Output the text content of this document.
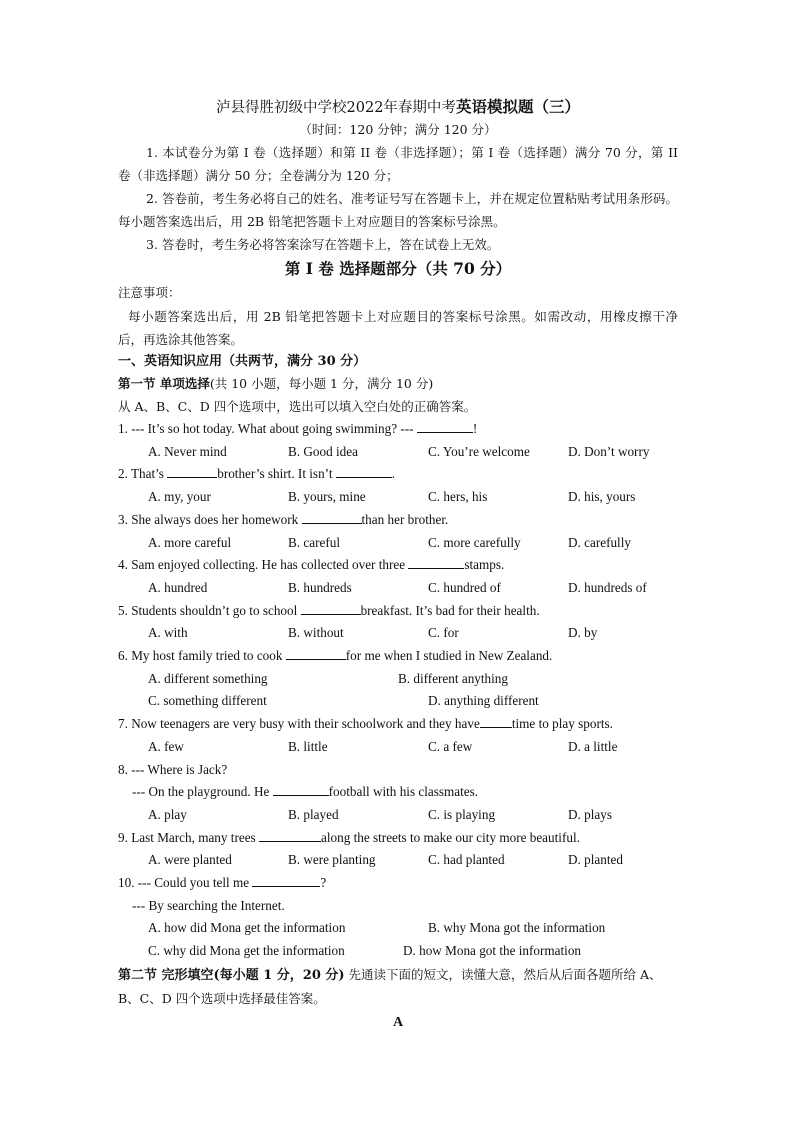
泸县得胜初级中学校2022年春期中考英语模拟题（三）
（时间：120 分钟；满分 120 分）
1. 本试卷分为第 I 卷（选择题）和第 II 卷（非选择题）；第 I 卷（选择题）满分 70 分，第 II 卷（非选择题）满分 50 分；全卷满分为 120 分；
2. 答卷前，考生务必将自己的姓名、准考证号写在答题卡上，并在规定位置粘贴考试用条形码。每小题答案选出后，用 2B 铅笔把答题卡上对应题目的答案标号涂黑。
3. 答卷时，考生务必将答案涂写在答题卡上，答在试卷上无效。
第 I 卷 选择题部分（共 70 分）
注意事项：
每小题答案选出后，用 2B 铅笔把答题卡上对应题目的答案标号涂黑。如需改动，用橡皮擦干净后，再选涂其他答案。
一、英语知识应用（共两节，满分 30 分）
第一节 单项选择(共 10 小题，每小题 1 分，满分 10 分)
从 A、B、C、D 四个选项中，选出可以填入空白处的正确答案。
1. --- It’s so hot today. What about going swimming? ---	!
A. Never mind	B. Good idea	C. You’re welcome	D. Don’t worry
2. That’s	brother’s shirt. It isn’t	.
A. my, your	B. yours, mine	C. hers, his	D. his, yours
3. She always does her homework	than her brother.
A. more careful	B. careful	C. more carefully	D. carefully
4. Sam enjoyed collecting. He has collected over three	stamps.
A. hundred	B. hundreds	C. hundred of	D. hundreds of
5. Students shouldn’t go to school	breakfast. It’s bad for their health.
A. with	B. without	C. for	D. by
6. My host family tried to cook	for me when I studied in New Zealand.
A. different something	B. different anything
C. something different	D. anything different
7. Now teenagers are very busy with their schoolwork and they have time to play sports.
A. few	B. little	C. a few	D. a little
8. --- Where is Jack?
--- On the playground. He	football with his classmates.
A. play	B. played	C. is playing	D. plays
9. Last March, many trees	along the streets to make our city more beautiful.
A. were planted	B. were planting	C. had planted	D. planted
10. --- Could you tell me	?
--- By searching the Internet.
A. how did Mona get the information	B. why Mona got the information
C. why did Mona get the information	D. how Mona got the information
第二节 完形填空(每小题 1 分，20 分) 先通读下面的短文，读懂大意，然后从后面各题所给 A、B、C、D 四个选项中选择最佳答案。
A
